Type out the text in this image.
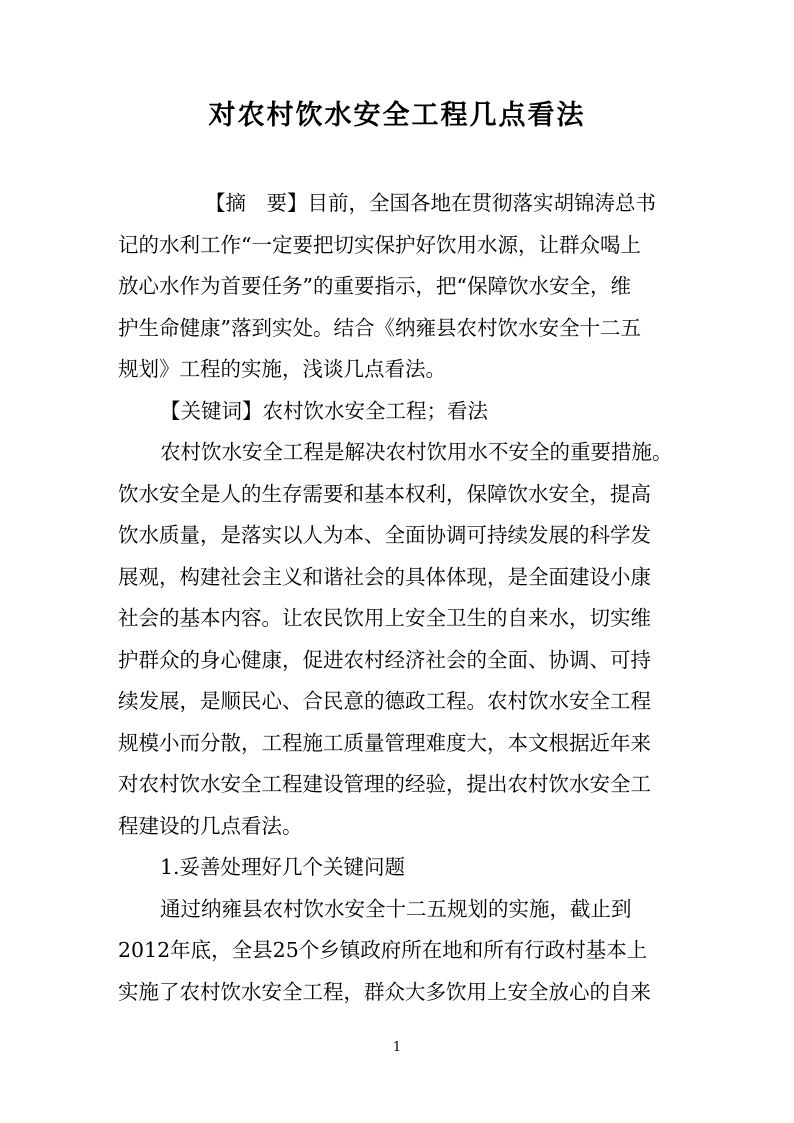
对农村饮水安全工程几点看法
【摘　要】目前，全国各地在贯彻落实胡锦涛总书
记的水利工作“一定要把切实保护好饮用水源，让群众喝上
放心水作为首要任务”的重要指示，把“保障饮水安全，维
护生命健康”落到实处。结合《纳雍县农村饮水安全十二五
规划》工程的实施，浅谈几点看法。
【关键词】农村饮水安全工程；看法
农村饮水安全工程是解决农村饮用水不安全的重要措施。
饮水安全是人的生存需要和基本权利，保障饮水安全，提高
饮水质量，是落实以人为本、全面协调可持续发展的科学发
展观，构建社会主义和谐社会的具体体现，是全面建设小康
社会的基本内容。让农民饮用上安全卫生的自来水，切实维
护群众的身心健康，促进农村经济社会的全面、协调、可持
续发展，是顺民心、合民意的德政工程。农村饮水安全工程
规模小而分散，工程施工质量管理难度大，本文根据近年来
对农村饮水安全工程建设管理的经验，提出农村饮水安全工
程建设的几点看法。
1.妥善处理好几个关键问题
通过纳雍县农村饮水安全十二五规划的实施，截止到
2012年底，全县25个乡镇政府所在地和所有行政村基本上
实施了农村饮水安全工程，群众大多饮用上安全放心的自来
1
